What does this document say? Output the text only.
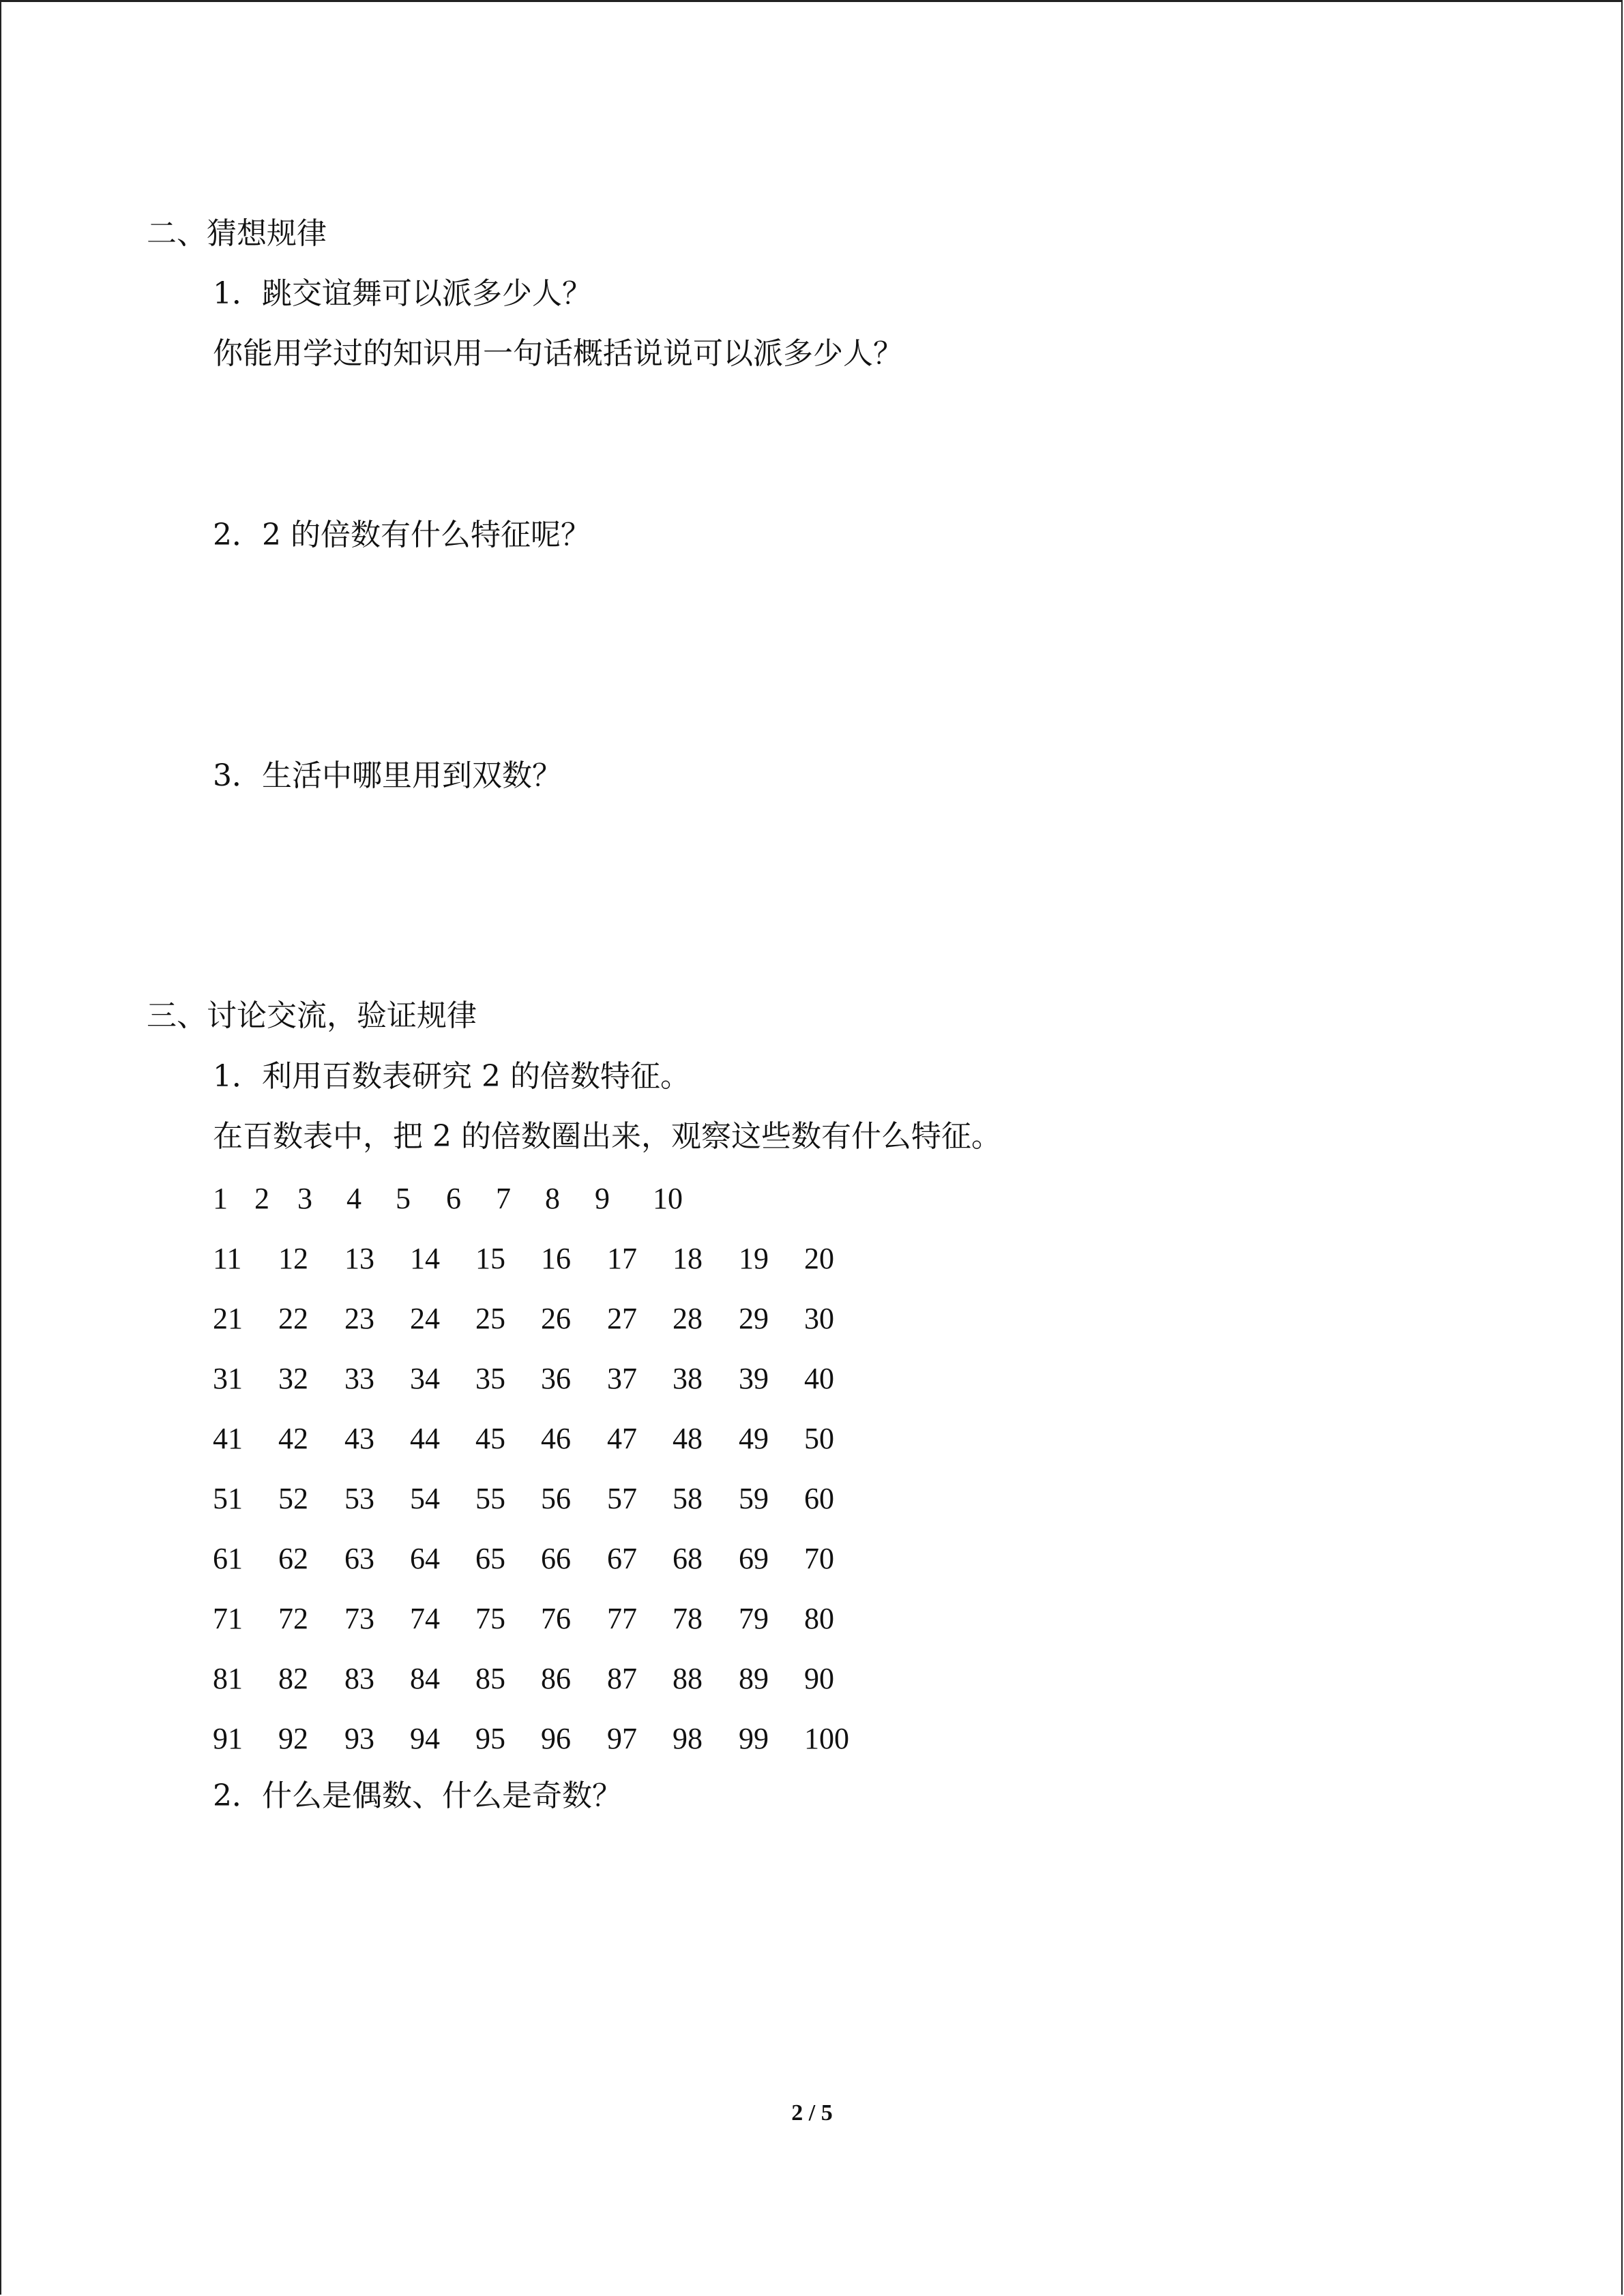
二、猜想规律
1．跳交谊舞可以派多少人？
你能用学过的知识用一句话概括说说可以派多少人？
2．2 的倍数有什么特征呢？
3．生活中哪里用到双数？
三、讨论交流，验证规律
1．利用百数表研究 2 的倍数特征。
在百数表中，把 2 的倍数圈出来，观察这些数有什么特征。
1 2 3 4 5 6 7 8 9 10
11 12 13 14 15 16 17 18 19 20
21 22 23 24 25 26 27 28 29 30
31 32 33 34 35 36 37 38 39 40
41 42 43 44 45 46 47 48 49 50
51 52 53 54 55 56 57 58 59 60
61 62 63 64 65 66 67 68 69 70
71 72 73 74 75 76 77 78 79 80
81 82 83 84 85 86 87 88 89 90
91 92 93 94 95 96 97 98 99 100
2．什么是偶数、什么是奇数？
2 / 5
